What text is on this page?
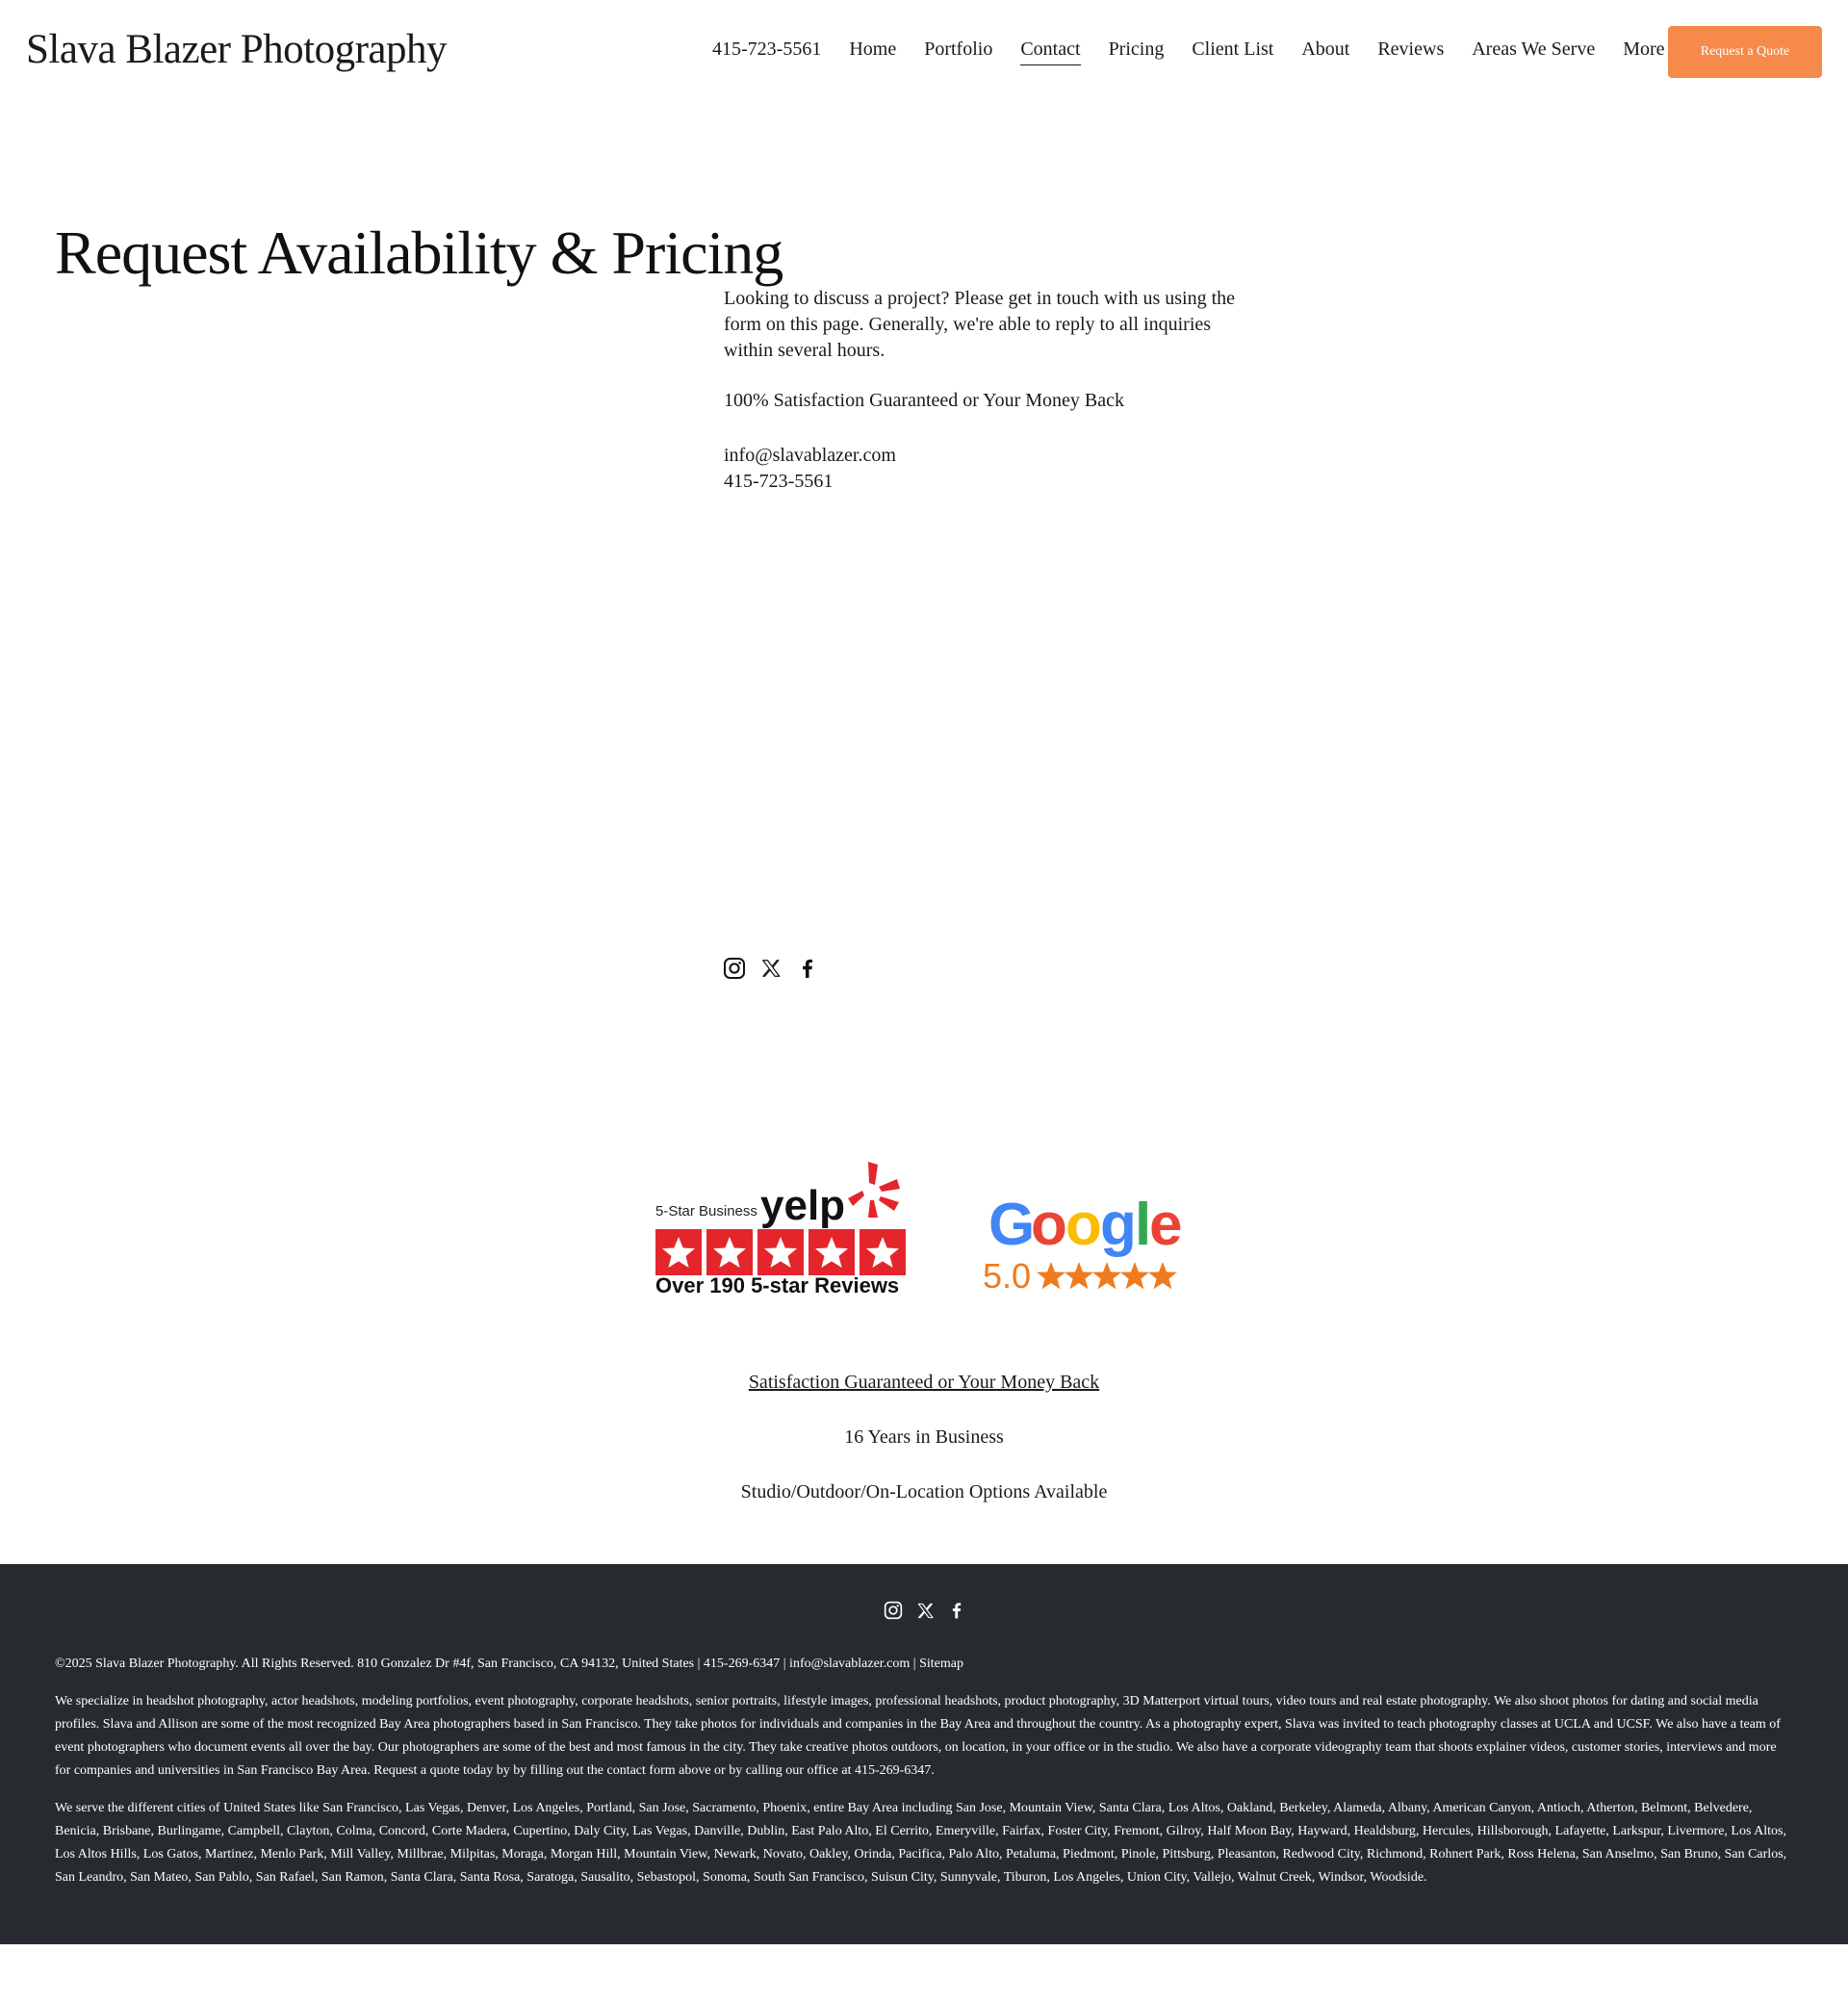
Slava Blazer Photography	415-723-5561 Home Portfolio Contact Pricing Client List About Reviews Areas We Serve More	Request a Quote
Request Availability & Pricing

Looking to discuss a project? Please get in touch with us using the form on this page. Generally, we're able to reply to all inquiries within several hours.

100% Satisfaction Guaranteed or Your Money Back

info@slavablazer.com

415-723-5561

5-Star Business yelp
Over 190 5-star Reviews
G
o
o
g
l
e
5.0

Satisfaction Guaranteed or Your Money Back

16 Years in Business

Studio/Outdoor/On-Location Options Available

©2025 Slava Blazer Photography. All Rights Reserved. 810 Gonzalez Dr #4f, San Francisco, CA 94132, United States | 415-269-6347 | info@slavablazer.com | Sitemap

We specialize in headshot photography, actor headshots, modeling portfolios, event photography, corporate headshots, senior portraits, lifestyle images, professional headshots, product photography, 3D Matterport virtual tours, video tours and real estate photography. We also shoot photos for dating and social media profiles. Slava and Allison are some of the most recognized Bay Area photographers based in San Francisco. They take photos for individuals and companies in the Bay Area and throughout the country. As a photography expert, Slava was invited to teach photography classes at UCLA and UCSF. We also have a team of event photographers who document events all over the bay. Our photographers are some of the best and most famous in the city. They take creative photos outdoors, on location, in your office or in the studio. We also have a corporate videography team that shoots explainer videos, customer stories, interviews and more for companies and universities in San Francisco Bay Area. Request a quote today by by filling out the contact form above or by calling our office at 415-269-6347.

We serve the different cities of United States like San Francisco, Las Vegas, Denver, Los Angeles, Portland, San Jose, Sacramento, Phoenix, entire Bay Area including San Jose, Mountain View, Santa Clara, Los Altos, Oakland, Berkeley, Alameda, Albany, American Canyon, Antioch, Atherton, Belmont, Belvedere, Benicia, Brisbane, Burlingame, Campbell, Clayton, Colma, Concord, Corte Madera, Cupertino, Daly City, Las Vegas, Danville, Dublin, East Palo Alto, El Cerrito, Emeryville, Fairfax, Foster City, Fremont, Gilroy, Half Moon Bay, Hayward, Healdsburg, Hercules, Hillsborough, Lafayette, Larkspur, Livermore, Los Altos, Los Altos Hills, Los Gatos, Martinez, Menlo Park, Mill Valley, Millbrae, Milpitas, Moraga, Morgan Hill, Mountain View, Newark, Novato, Oakley, Orinda, Pacifica, Palo Alto, Petaluma, Piedmont, Pinole, Pittsburg, Pleasanton, Redwood City, Richmond, Rohnert Park, Ross Helena, San Anselmo, San Bruno, San Carlos, San Leandro, San Mateo, San Pablo, San Rafael, San Ramon, Santa Clara, Santa Rosa, Saratoga, Sausalito, Sebastopol, Sonoma, South San Francisco, Suisun City, Sunnyvale, Tiburon, Los Angeles, Union City, Vallejo, Walnut Creek, Windsor, Woodside.
